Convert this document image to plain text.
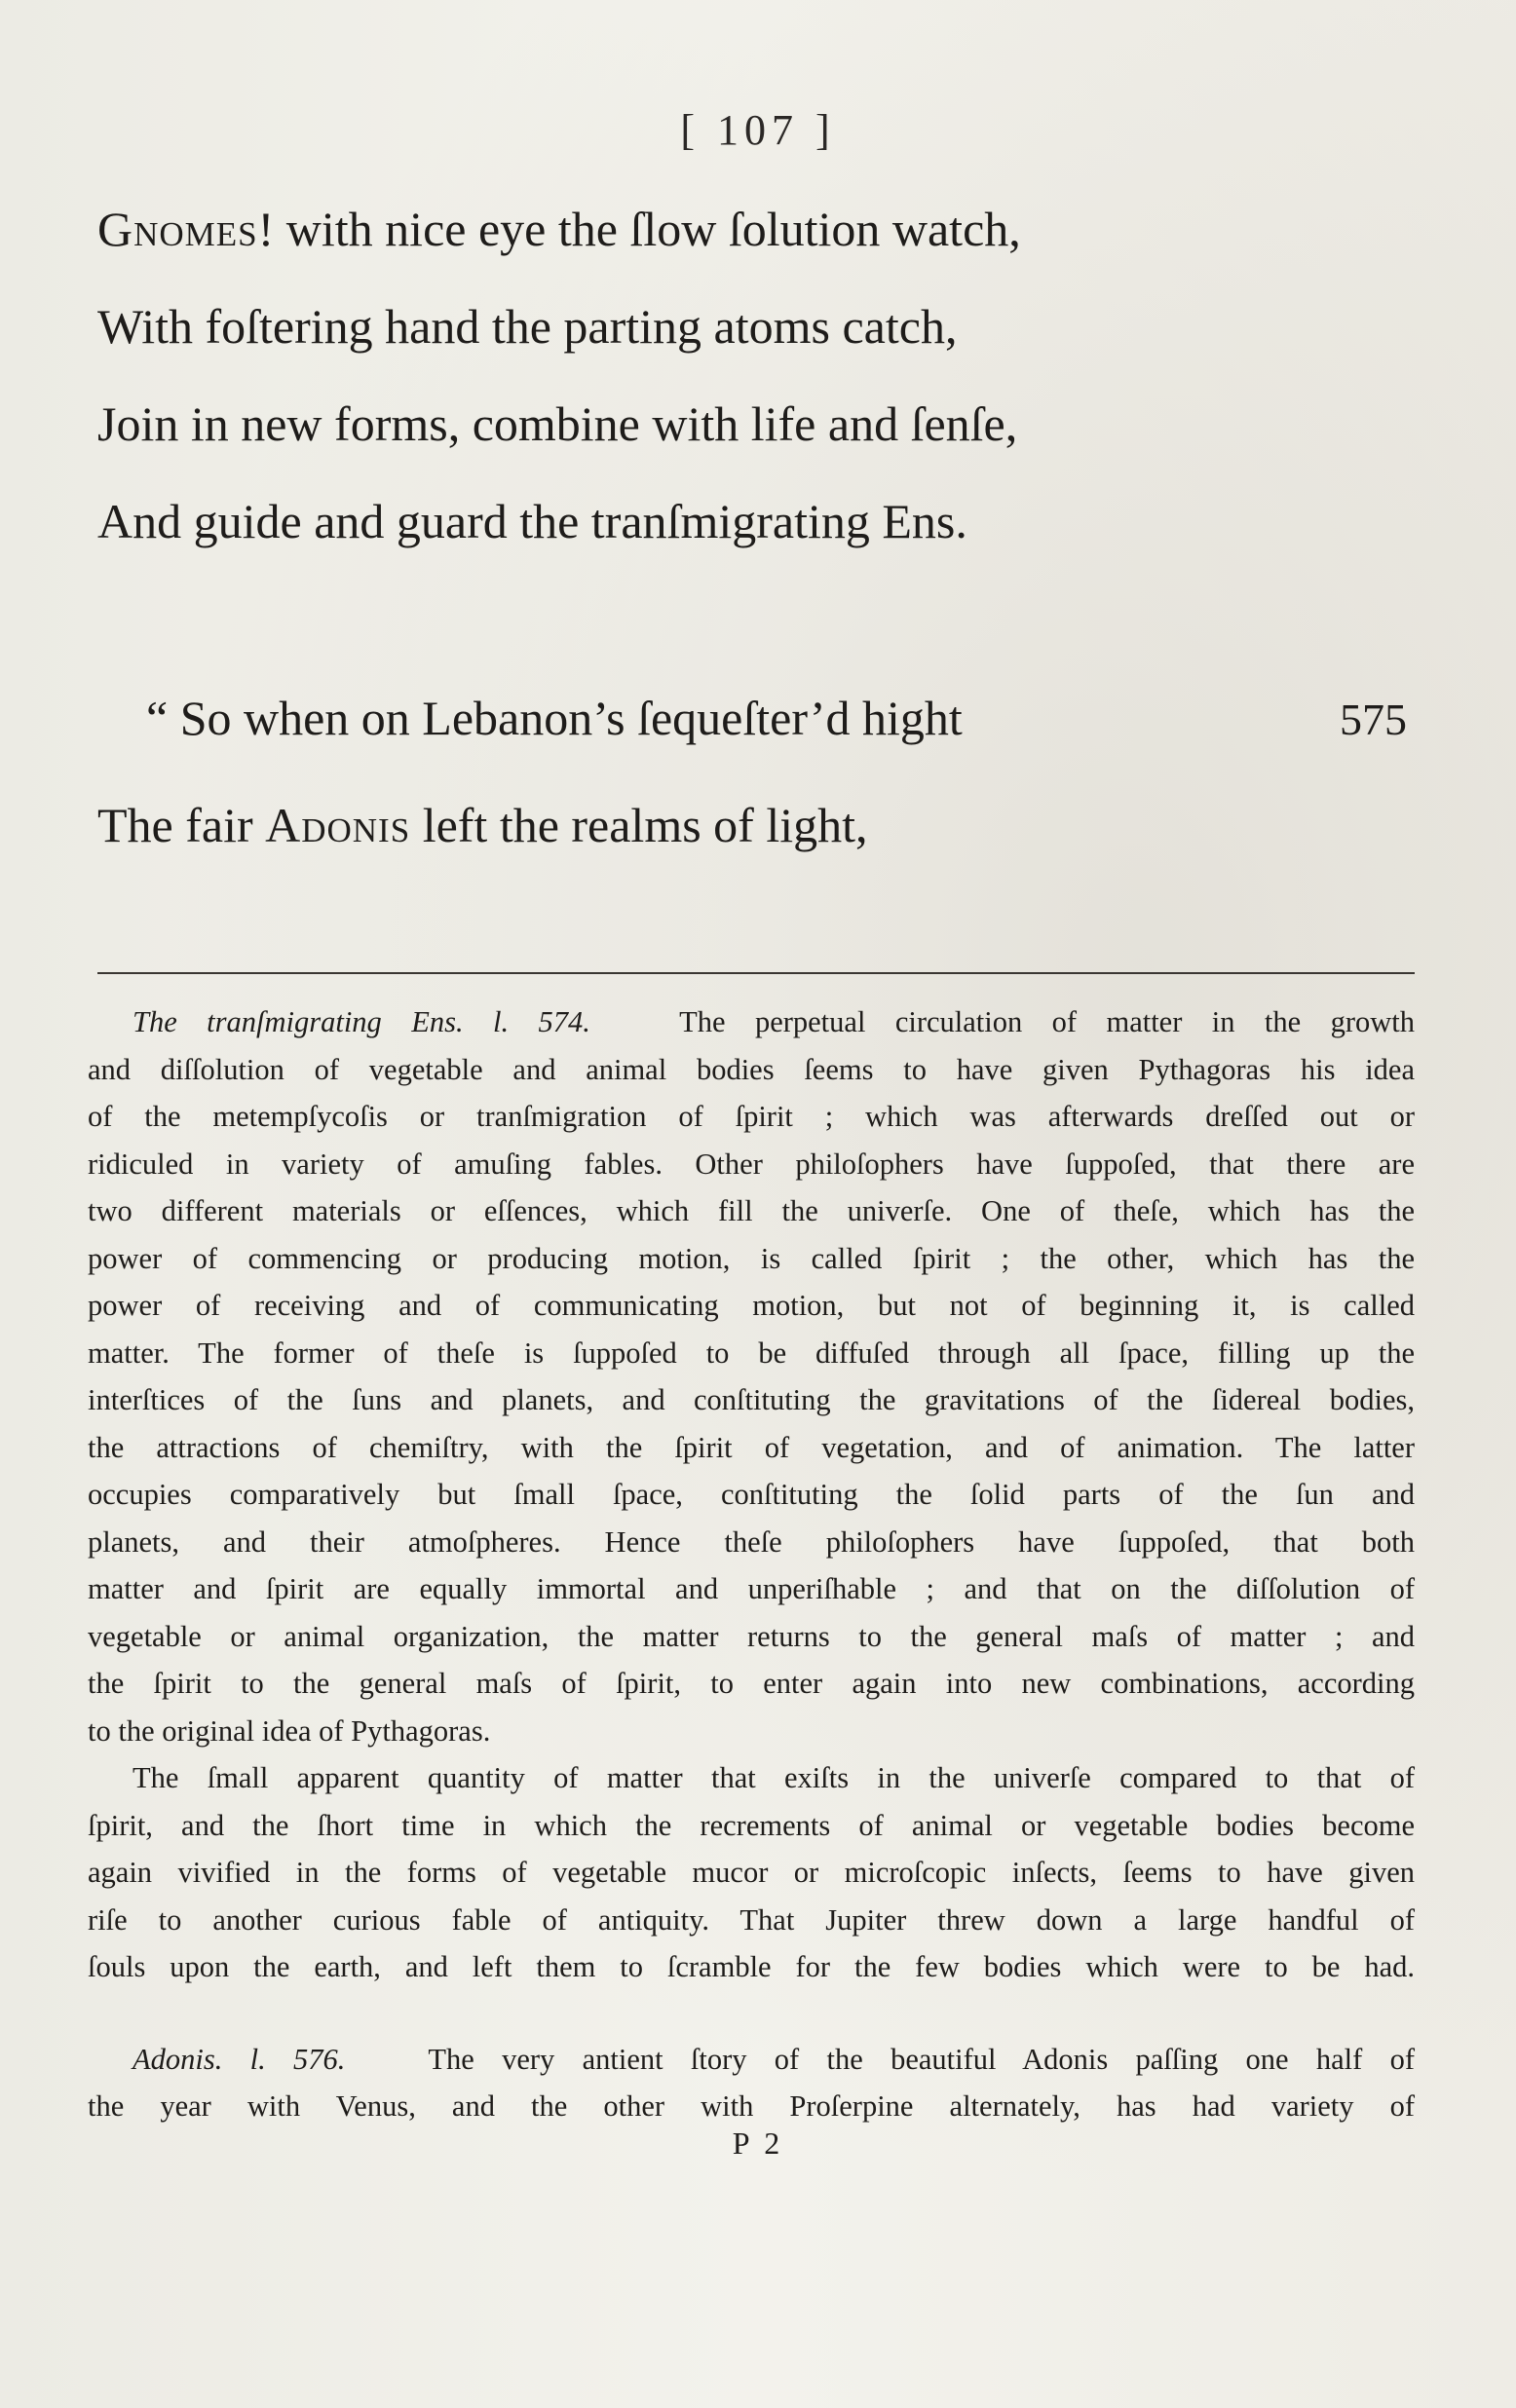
[ 107 ]
Gnomes! with nice eye the ſlow ſolution watch,
With foſtering hand the parting atoms catch,
Join in new forms, combine with life and ſenſe,
And guide and guard the tranſmigrating Ens.
“ So when on Lebanon’s ſequeſter’d hight	575
The fair Adonis left the realms of light,

The tranſmigrating Ens. l. 574.	The perpetual circulation of matter in the growth
and diſſolution of vegetable and animal bodies ſeems to have given Pythagoras his idea
of the metempſycoſis or tranſmigration of ſpirit ; which was afterwards dreſſed out or
ridiculed in variety of amuſing fables. Other philoſophers have ſuppoſed, that there are
two different materials or eſſences, which fill the univerſe. One of theſe, which has the
power of commencing or producing motion, is called ſpirit ; the other, which has the
power of receiving and of communicating motion, but not of beginning it, is called
matter. The former of theſe is ſuppoſed to be diffuſed through all ſpace, filling up the
interſtices of the ſuns and planets, and conſtituting the gravitations of the ſidereal bodies,
the attractions of chemiſtry, with the ſpirit of vegetation, and of animation. The latter
occupies comparatively but ſmall ſpace, conſtituting the ſolid parts of the ſun and
planets, and their atmoſpheres. Hence theſe philoſophers have ſuppoſed, that both
matter and ſpirit are equally immortal and unperiſhable ; and that on the diſſolution of
vegetable or animal organization, the matter returns to the general maſs of matter ; and
the ſpirit to the general maſs of ſpirit, to enter again into new combinations, according
to the original idea of Pythagoras.

The ſmall apparent quantity of matter that exiſts in the univerſe compared to that of
ſpirit, and the ſhort time in which the recrements of animal or vegetable bodies become
again vivified in the forms of vegetable mucor or microſcopic inſects, ſeems to have given
riſe to another curious fable of antiquity. That Jupiter threw down a large handful of
ſouls upon the earth, and left them to ſcramble for the few bodies which were to be had.

Adonis. l. 576.	The very antient ſtory of the beautiful Adonis paſſing one half of
the year with Venus, and the other with Proſerpine alternately, has had variety of

P 2
